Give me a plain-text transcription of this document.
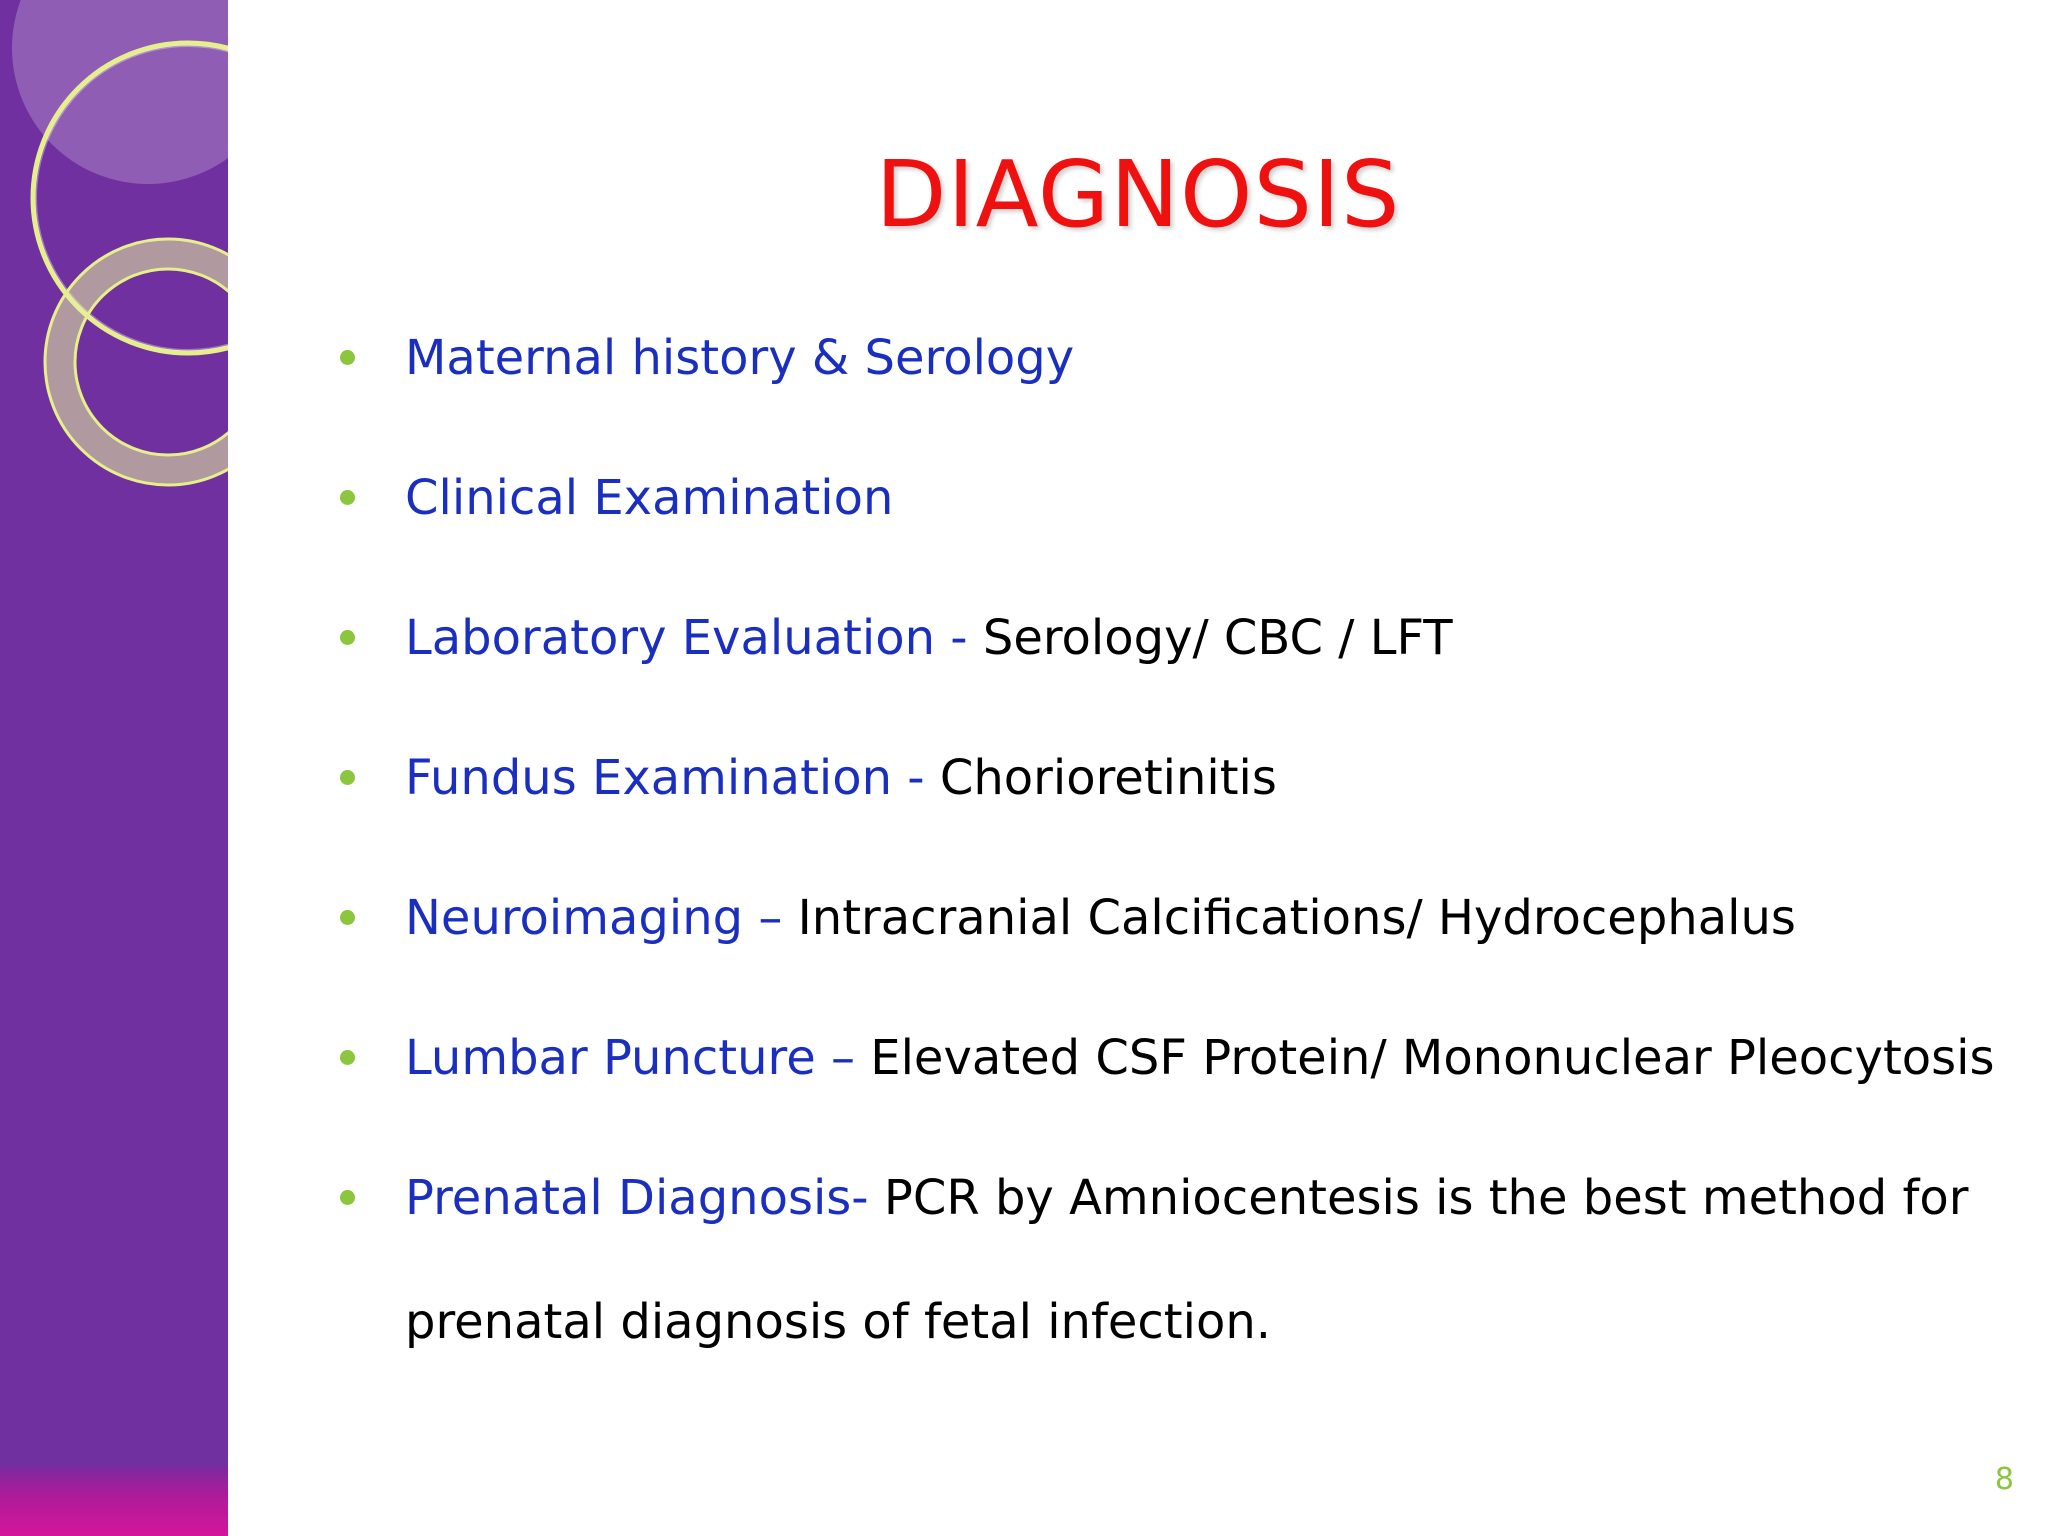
DIAGNOSIS
Maternal history & Serology
Clinical Examination
Laboratory Evaluation - Serology/ CBC / LFT
Fundus Examination - Chorioretinitis
Neuroimaging – Intracranial Calcifications/ Hydrocephalus
Lumbar Puncture – Elevated CSF Protein/ Mononuclear Pleocytosis
Prenatal Diagnosis- PCR by Amniocentesis is the best method for prenatal diagnosis of fetal infection.
8
